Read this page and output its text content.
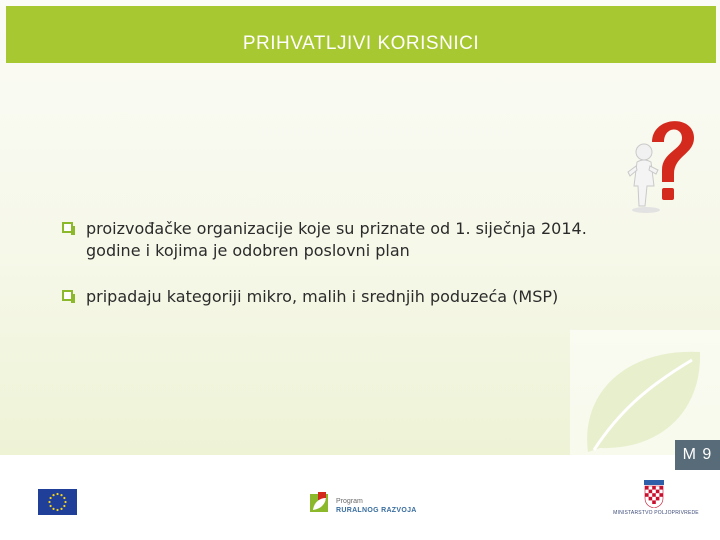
PRIHVATLJIVI KORISNICI
proizvođačke organizacije koje su priznate od 1. siječnja 2014. godine i kojima je odobren poslovni plan
pripadaju kategoriji mikro, malih i srednjih poduzeća (MSP)
M 9
Program
RURALNOG RAZVOJA	MINISTARSTVO POLJOPRIVREDE
